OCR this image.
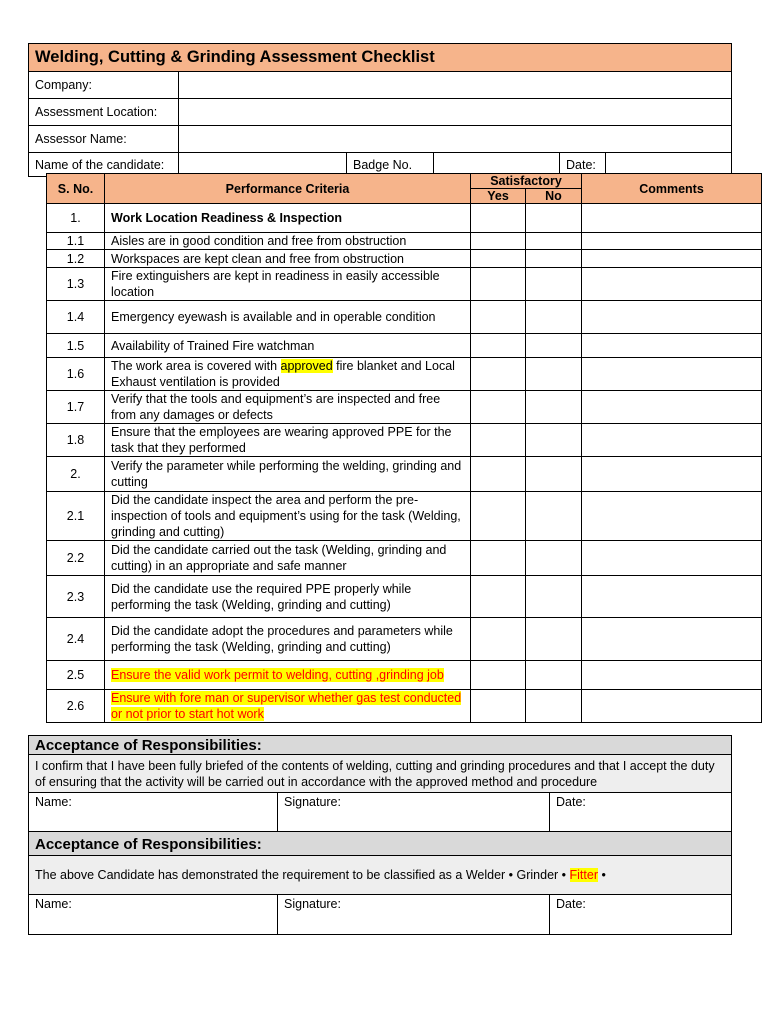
Welding, Cutting & Grinding Assessment Checklist					
Company:					
Assessment Location:					
Assessor Name:					
Name of the candidate:		Badge No.		Date:	
S. No.	Performance Criteria	Satisfactory		Comments
		Yes	No	
1.	Work Location Readiness & Inspection			
1.1	Aisles are in good condition and free from obstruction			
1.2	Workspaces are kept clean and free from obstruction			
1.3	Fire extinguishers are kept in readiness in easily accessible location			
1.4	Emergency eyewash is available and in operable condition			
1.5	Availability of Trained Fire watchman			
1.6	The work area is covered with approved fire blanket and Local Exhaust ventilation is provided			
1.7	Verify that the tools and equipment’s are inspected and free from any damages or defects			
1.8	Ensure that the employees are wearing approved PPE for the task that they performed			
2.	Verify the parameter while performing the welding, grinding and cutting			
2.1	Did the candidate inspect the area and perform the pre-inspection of tools and equipment’s using for the task (Welding, grinding and cutting)			
2.2	Did the candidate carried out the task (Welding, grinding and cutting) in an appropriate and safe manner			
2.3	Did the candidate use the required PPE properly while performing the task (Welding, grinding and cutting)			
2.4	Did the candidate adopt the procedures and parameters while performing the task (Welding, grinding and cutting)			
2.5	Ensure the valid work permit to welding, cutting ,grinding job			
2.6	Ensure with fore man or supervisor whether gas test conducted or not prior to start hot work			
Acceptance of Responsibilities:
I confirm that I have been fully briefed of the contents of welding, cutting and grinding procedures and that I accept the duty of ensuring that the activity will be carried out in accordance with the approved method and procedure
Name:	Signature:	Date:
Acceptance of Responsibilities:
The above Candidate has demonstrated the requirement to be classified as a Welder • Grinder • Fitter •
Name:	Signature:	Date:
